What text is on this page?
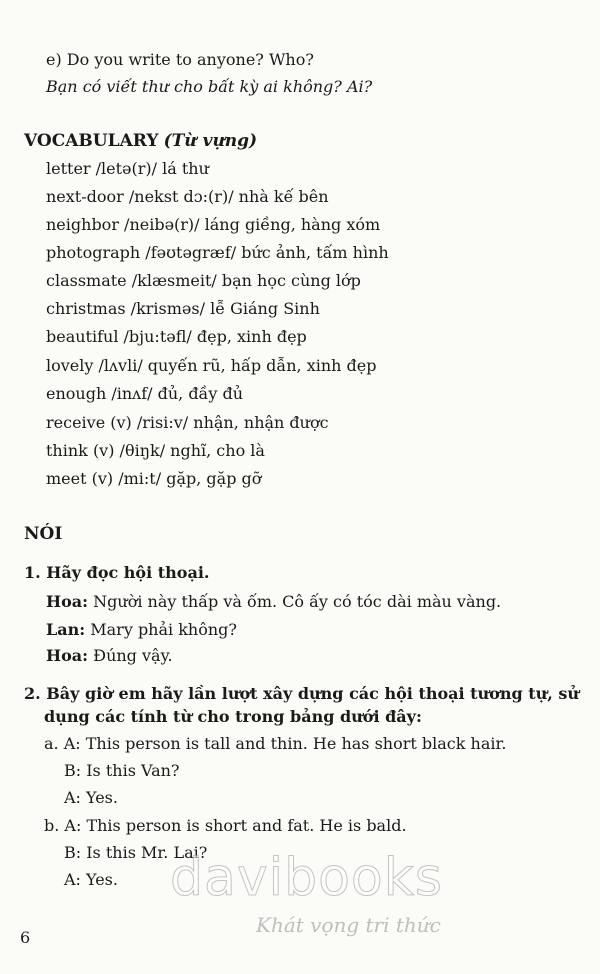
e) Do you write to anyone? Who?
Bạn có viết thư cho bất kỳ ai không? Ai?
VOCABULARY (Từ vựng)
letter /letə(r)/ lá thư
next-door /nekst dɔ:(r)/ nhà kế bên
neighbor /neibə(r)/ láng giềng, hàng xóm
photograph /fəʊtəgræf/ bức ảnh, tấm hình
classmate /klæsmeit/ bạn học cùng lớp
christmas /krisməs/ lễ Giáng Sinh
beautiful /bju:təfl/ đẹp, xinh đẹp
lovely /lʌvli/ quyến rũ, hấp dẫn, xinh đẹp
enough /inʌf/ đủ, đầy đủ
receive (v) /risi:v/ nhận, nhận được
think (v) /θiŋk/ nghĩ, cho là
meet (v) /mi:t/ gặp, gặp gỡ
NÓI
1. Hãy đọc hội thoại.
Hoa: Người này thấp và ốm. Cô ấy có tóc dài màu vàng.
Lan: Mary phải không?
Hoa: Đúng vậy.
2. Bây giờ em hãy lần lượt xây dựng các hội thoại tương tự, sử
dụng các tính từ cho trong bảng dưới đây:
a. A: This person is tall and thin. He has short black hair.
B: Is this Van?
A: Yes.
b. A: This person is short and fat. He is bald.
B: Is this Mr. Lai?
A: Yes. davibooks
Khát vọng tri thức
6
